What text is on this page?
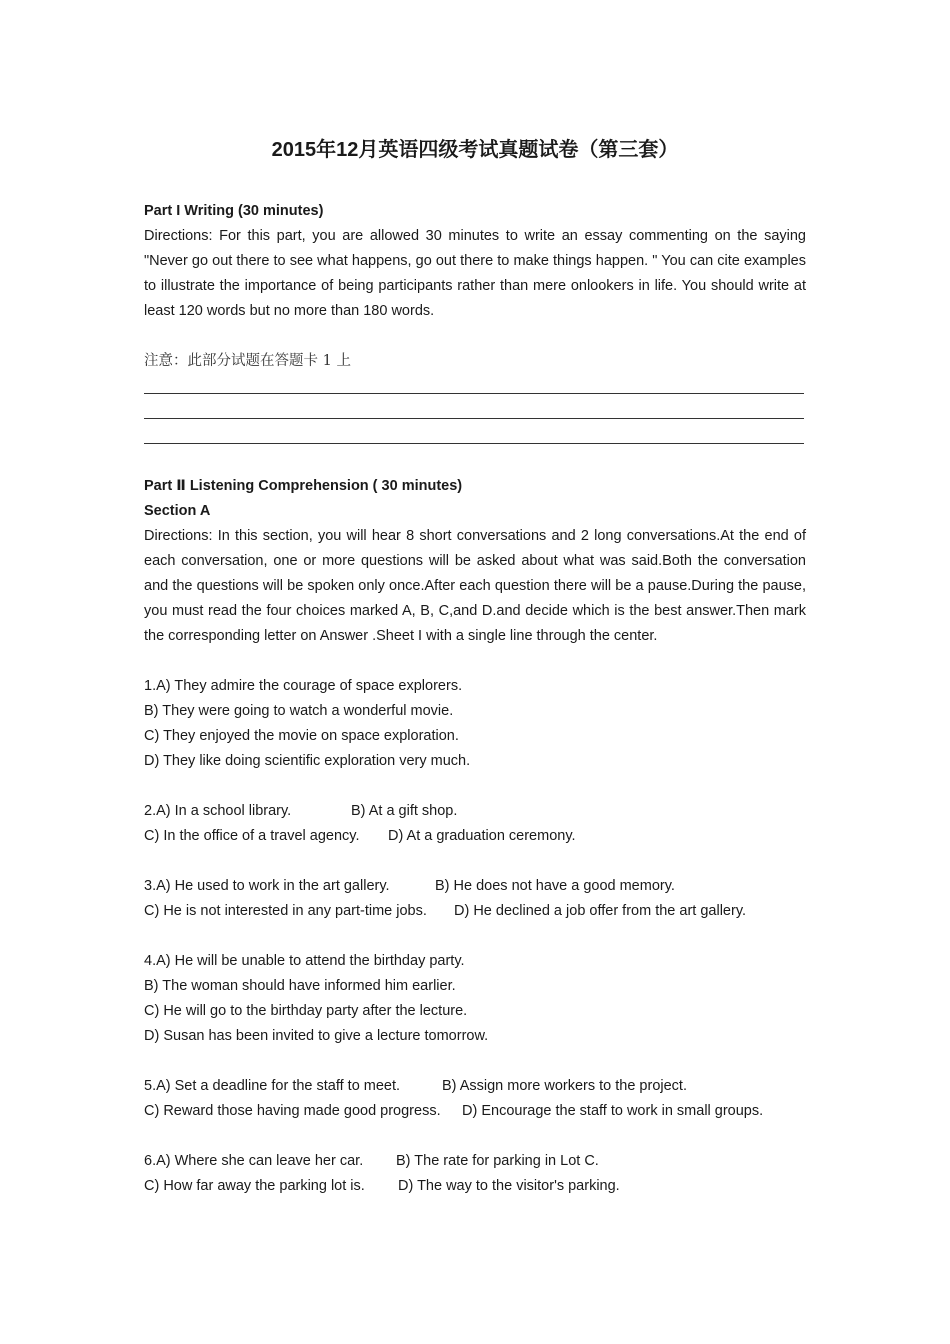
2015年12月英语四级考试真题试卷（第三套）
Part I Writing (30 minutes)
Directions: For this part, you are allowed 30 minutes to write an essay commenting on the saying "Never go out there to see what happens, go out there to make things happen. " You can cite examples to illustrate the importance of being participants rather than mere onlookers in life. You should write at least 120 words but no more than 180 words.
注意：此部分试题在答题卡 1 上
Part Ⅱ Listening Comprehension ( 30 minutes)
Section A
Directions: In this section, you will hear 8 short conversations and 2 long conversations.At the end of each conversation, one or more questions will be asked about what was said.Both the conversation and the questions will be spoken only once.After each question there will be a pause.During the pause, you must read the four choices marked A, B, C,and D.and decide which is the best answer.Then mark the corresponding letter on Answer .Sheet I with a single line through the center.
1.A) They admire the courage of space explorers.
B) They were going to watch a wonderful movie.
C) They enjoyed the movie on space exploration.
D) They like doing scientific exploration very much.
2.A) In a school library.	B) At a gift shop.
C) In the office of a travel agency. D) At a graduation ceremony.
3.A) He used to work in the art gallery.	B) He does not have a good memory.
C) He is not interested in any part-time jobs. D) He declined a job offer from the art gallery.
4.A) He will be unable to attend the birthday party.
B) The woman should have informed him earlier.
C) He will go to the birthday party after the lecture.
D) Susan has been invited to give a lecture tomorrow.
5.A) Set a deadline for the staff to meet.	B) Assign more workers to the project.
C) Reward those having made good progress. D) Encourage the staff to work in small groups.
6.A) Where she can leave her car. B) The rate for parking in Lot C.
C) How far away the parking lot is. D) The way to the visitor's parking.
